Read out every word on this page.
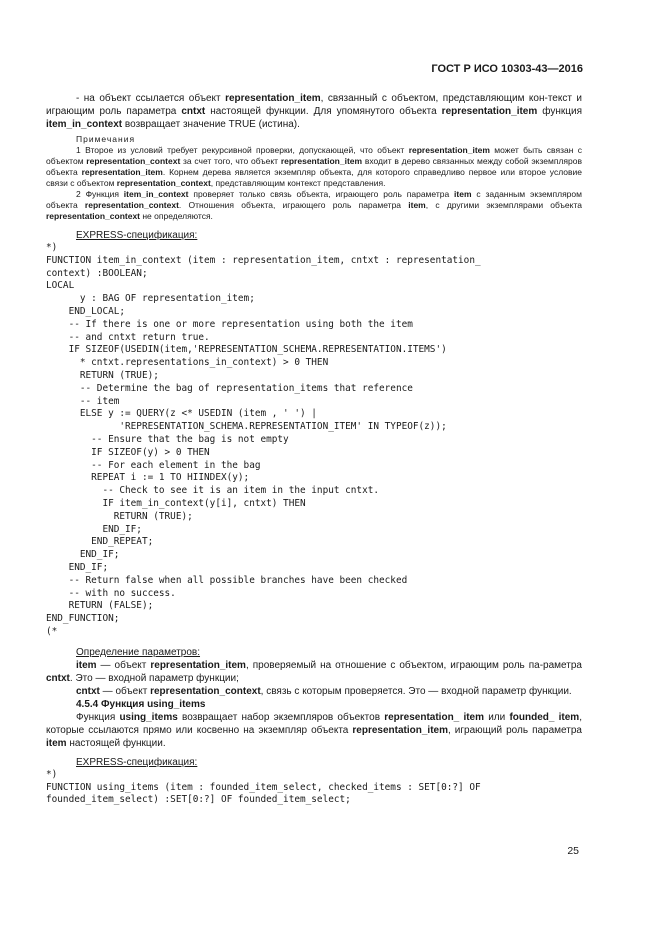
ГОСТ Р ИСО 10303-43—2016

- на объект ссылается объект representation_item, связанный с объектом, представляющим кон-текст и играющим роль параметра cntxt настоящей функции. Для упомянутого объекта representation_item функция item_in_context возвращает значение TRUE (истина).

Примечания

1 Второе из условий требует рекурсивной проверки, допускающей, что объект representation_item может быть связан с объектом representation_context за счет того, что объект representation_item входит в дерево связанных между собой экземпляров объекта representation_item. Корнем дерева является экземпляр объекта, для которого справедливо первое или второе условие связи с объектом representation_context, представляющим контекст представления.

2 Функция item_in_context проверяет только связь объекта, играющего роль параметра item с заданным экземпляром объекта representation_context. Отношения объекта, играющего роль параметра item, с другими экземплярами объекта representation_context не определяются.

EXPRESS-спецификация:

*)
FUNCTION item_in_context (item : representation_item, cntxt : representation_
context) :BOOLEAN;
LOCAL
y : BAG OF representation_item;
END_LOCAL;
-- If there is one or more representation using both the item
-- and cntxt return true.
IF SIZEOF(USEDIN(item,'REPRESENTATION_SCHEMA.REPRESENTATION.ITEMS')
* cntxt.representations_in_context) > 0 THEN
RETURN (TRUE);
-- Determine the bag of representation_items that reference
-- item
ELSE y := QUERY(z <* USEDIN (item , ' ') |
'REPRESENTATION_SCHEMA.REPRESENTATION_ITEM' IN TYPEOF(z));
-- Ensure that the bag is not empty
IF SIZEOF(y) > 0 THEN
-- For each element in the bag
REPEAT i := 1 TO HIINDEX(y);
-- Check to see it is an item in the input cntxt.
IF item_in_context(y[i], cntxt) THEN
RETURN (TRUE);
END_IF;
END_REPEAT;
END_IF;
END_IF;
-- Return false when all possible branches have been checked
-- with no success.
RETURN (FALSE);
END_FUNCTION;
(*

Определение параметров:

item — объект representation_item, проверяемый на отношение с объектом, играющим роль па-раметра cntxt. Это — входной параметр функции;

cntxt — объект representation_context, связь с которым проверяется. Это — входной параметр функции.

4.5.4 Функция using_items

Функция using_items возвращает набор экземпляров объектов representation_ item или founded_ item, которые ссылаются прямо или косвенно на экземпляр объекта representation_item, играющий роль параметра item настоящей функции.

EXPRESS-спецификация:

*)
FUNCTION using_items (item : founded_item_select, checked_items : SET[0:?] OF
founded_item_select) :SET[0:?] OF founded_item_select;
25
